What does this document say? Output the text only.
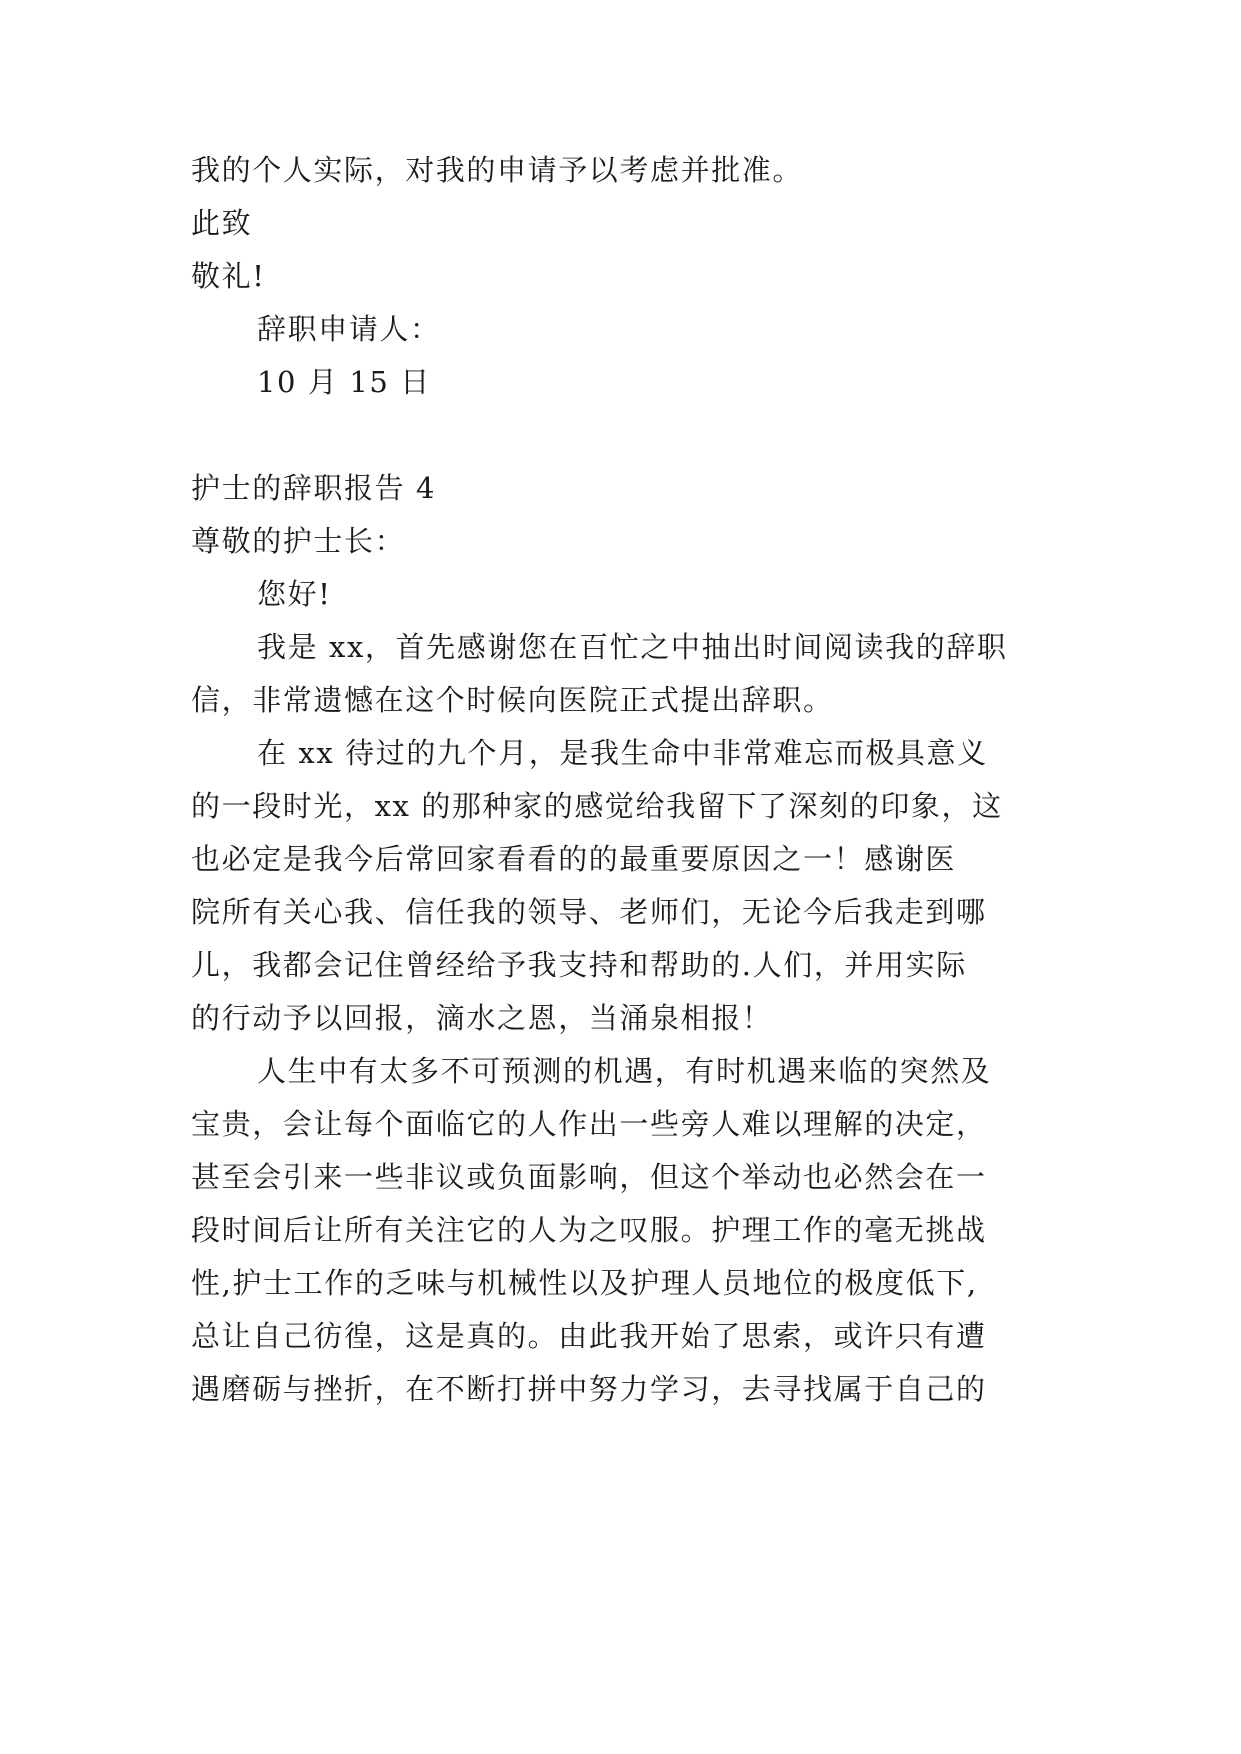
我的个人实际，对我的申请予以考虑并批准。
此致
敬礼!
辞职申请人：
10 月 15 日
护士的辞职报告 4
尊敬的护士长：
您好!
我是 xx，首先感谢您在百忙之中抽出时间阅读我的辞职
信，非常遗憾在这个时候向医院正式提出辞职。
在 xx 待过的九个月，是我生命中非常难忘而极具意义
的一段时光，xx 的那种家的感觉给我留下了深刻的印象，这
也必定是我今后常回家看看的的最重要原因之一！感谢医
院所有关心我、信任我的领导、老师们，无论今后我走到哪
儿，我都会记住曾经给予我支持和帮助的.人们，并用实际
的行动予以回报，滴水之恩，当涌泉相报！
人生中有太多不可预测的机遇，有时机遇来临的突然及
宝贵，会让每个面临它的人作出一些旁人难以理解的决定，
甚至会引来一些非议或负面影响，但这个举动也必然会在一
段时间后让所有关注它的人为之叹服。护理工作的毫无挑战
性,护士工作的乏味与机械性以及护理人员地位的极度低下,
总让自己彷徨，这是真的。由此我开始了思索，或许只有遭
遇磨砺与挫折，在不断打拼中努力学习，去寻找属于自己的
